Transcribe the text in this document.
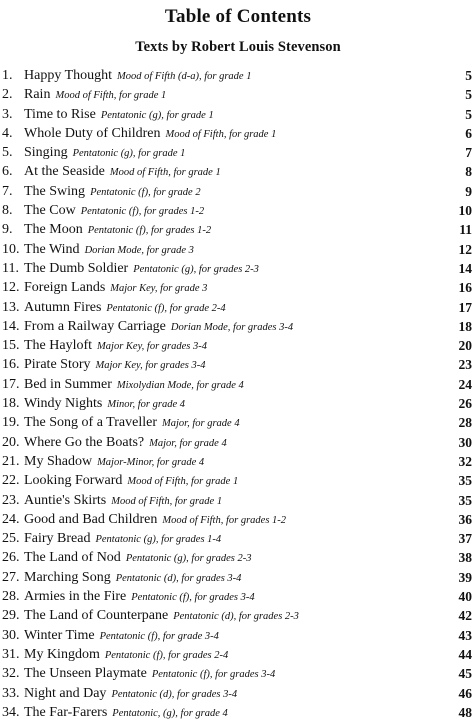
Table of Contents
Texts by Robert Louis Stevenson
1. Happy Thought Mood of Fifth (d-a), for grade 1	5
2. Rain Mood of Fifth, for grade 1	5
3. Time to Rise Pentatonic (g), for grade 1	5
4. Whole Duty of Children Mood of Fifth, for grade 1	6
5. Singing Pentatonic (g), for grade 1	7
6. At the Seaside Mood of Fifth, for grade 1	8
7. The Swing Pentatonic (f), for grade 2	9
8. The Cow Pentatonic (f), for grades 1-2	10
9. The Moon Pentatonic (f), for grades 1-2	11
10. The Wind Dorian Mode, for grade 3	12
11. The Dumb Soldier Pentatonic (g), for grades 2-3	14
12. Foreign Lands Major Key, for grade 3	16
13. Autumn Fires Pentatonic (f), for grade 2-4	17
14. From a Railway Carriage Dorian Mode, for grades 3-4	18
15. The Hayloft Major Key, for grades 3-4	20
16. Pirate Story Major Key, for grades 3-4	23
17. Bed in Summer Mixolydian Mode, for grade 4	24
18. Windy Nights Minor, for grade 4	26
19. The Song of a Traveller Major, for grade 4	28
20. Where Go the Boats? Major, for grade 4	30
21. My Shadow Major-Minor, for grade 4	32
22. Looking Forward Mood of Fifth, for grade 1	35
23. Auntie's Skirts Mood of Fifth, for grade 1	35
24. Good and Bad Children Mood of Fifth, for grades 1-2	36
25. Fairy Bread Pentatonic (g), for grades 1-4	37
26. The Land of Nod Pentatonic (g), for grades 2-3	38
27. Marching Song Pentatonic (d), for grades 3-4	39
28. Armies in the Fire Pentatonic (f), for grades 3-4	40
29. The Land of Counterpane Pentatonic (d), for grades 2-3	42
30. Winter Time Pentatonic (f), for grade 3-4	43
31. My Kingdom Pentatonic (f), for grades 2-4	44
32. The Unseen Playmate Pentatonic (f), for grades 3-4	45
33. Night and Day Pentatonic (d), for grades 3-4	46
34. The Far-Farers Pentatonic, (g), for grade 4	48
